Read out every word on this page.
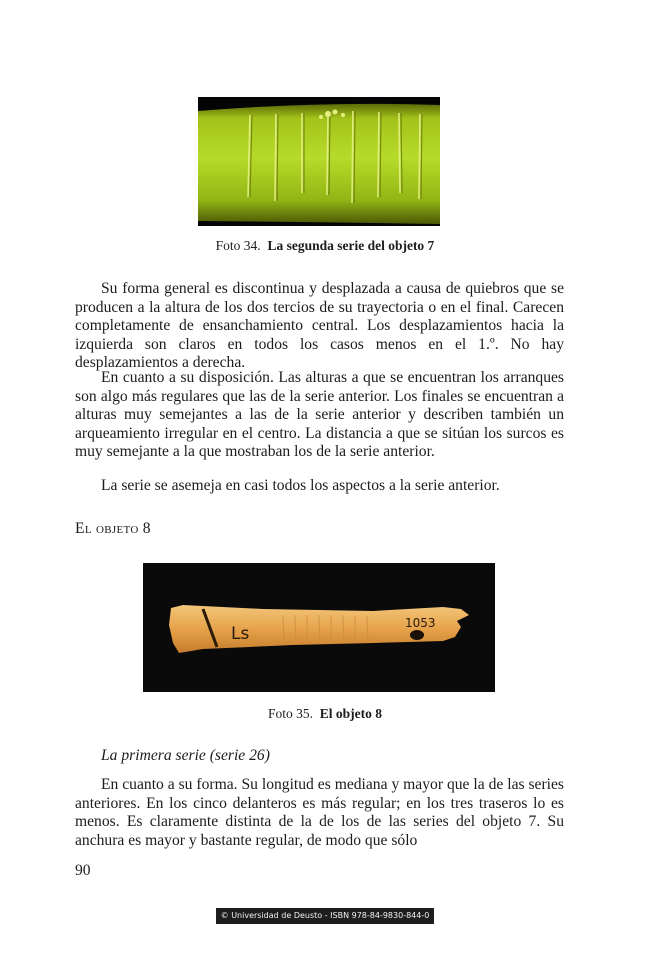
Foto 34. La segunda serie del objeto 7

Su forma general es discontinua y desplazada a causa de quiebros que se producen a la altura de los dos tercios de su trayectoria o en el final. Carecen completamente de ensanchamiento central. Los desplazamientos hacia la izquierda son claros en todos los casos menos en el 1.º. No hay desplazamientos a derecha.

En cuanto a su disposición. Las alturas a que se encuentran los arranques son algo más regulares que las de la serie anterior. Los finales se encuentran a alturas muy semejantes a las de la serie anterior y describen también un arqueamiento irregular en el centro. La distancia a que se sitúan los surcos es muy semejante a la que mostraban los de la serie anterior.

La serie se asemeja en casi todos los aspectos a la serie anterior.

El objeto 8
Ls
1053
Foto 35. El objeto 8
La primera serie (serie 26)

En cuanto a su forma. Su longitud es mediana y mayor que la de las series anteriores. En los cinco delanteros es más regular; en los tres traseros lo es menos. Es claramente distinta de la de los de las series del objeto 7. Su anchura es mayor y bastante regular, de modo que sólo

90
© Universidad de Deusto - ISBN 978-84-9830-844-0
